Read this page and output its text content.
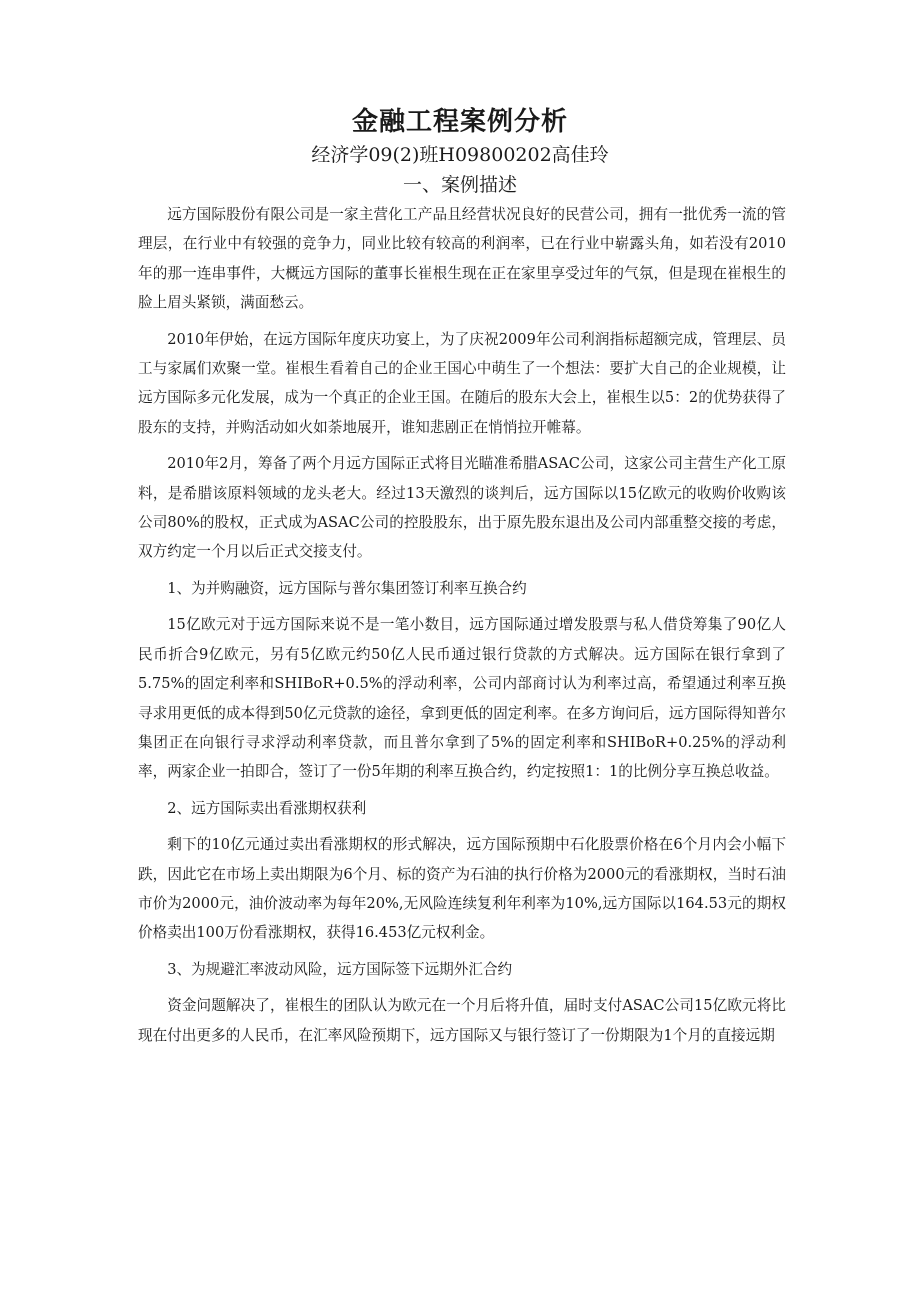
金融工程案例分析
经济学09(2)班H09800202高佳玲
一、案例描述

远方国际股份有限公司是一家主营化工产品且经营状况良好的民营公司，拥有一批优秀一流的管理层，在行业中有较强的竞争力，同业比较有较高的利润率，已在行业中崭露头角，如若没有2010年的那一连串事件，大概远方国际的董事长崔根生现在正在家里享受过年的气氛，但是现在崔根生的脸上眉头紧锁，满面愁云。

2010年伊始，在远方国际年度庆功宴上，为了庆祝2009年公司利润指标超额完成，管理层、员工与家属们欢聚一堂。崔根生看着自己的企业王国心中萌生了一个想法：要扩大自己的企业规模，让远方国际多元化发展，成为一个真正的企业王国。在随后的股东大会上，崔根生以5：2的优势获得了股东的支持，并购活动如火如荼地展开，谁知悲剧正在悄悄拉开帷幕。

2010年2月，筹备了两个月远方国际正式将目光瞄准希腊ASAC公司，这家公司主营生产化工原料，是希腊该原料领域的龙头老大。经过13天激烈的谈判后，远方国际以15亿欧元的收购价收购该公司80%的股权，正式成为ASAC公司的控股股东，出于原先股东退出及公司内部重整交接的考虑，双方约定一个月以后正式交接支付。

1、为并购融资，远方国际与普尔集团签订利率互换合约

15亿欧元对于远方国际来说不是一笔小数目，远方国际通过增发股票与私人借贷筹集了90亿人民币折合9亿欧元，另有5亿欧元约50亿人民币通过银行贷款的方式解决。远方国际在银行拿到了5.75%的固定利率和SHIBoR+0.5%的浮动利率，公司内部商讨认为利率过高，希望通过利率互换寻求用更低的成本得到50亿元贷款的途径，拿到更低的固定利率。在多方询问后，远方国际得知普尔集团正在向银行寻求浮动利率贷款，而且普尔拿到了5%的固定利率和SHIBoR+0.25%的浮动利率，两家企业一拍即合，签订了一份5年期的利率互换合约，约定按照1：1的比例分享互换总收益。

2、远方国际卖出看涨期权获利

剩下的10亿元通过卖出看涨期权的形式解决，远方国际预期中石化股票价格在6个月内会小幅下跌，因此它在市场上卖出期限为6个月、标的资产为石油的执行价格为2000元的看涨期权，当时石油市价为2000元，油价波动率为每年20%,无风险连续复利年利率为10%,远方国际以164.53元的期权价格卖出100万份看涨期权，获得16.453亿元权利金。

3、为规避汇率波动风险，远方国际签下远期外汇合约

资金问题解决了，崔根生的团队认为欧元在一个月后将升值，届时支付ASAC公司15亿欧元将比现在付出更多的人民币，在汇率风险预期下，远方国际又与银行签订了一份期限为1个月的直接远期
